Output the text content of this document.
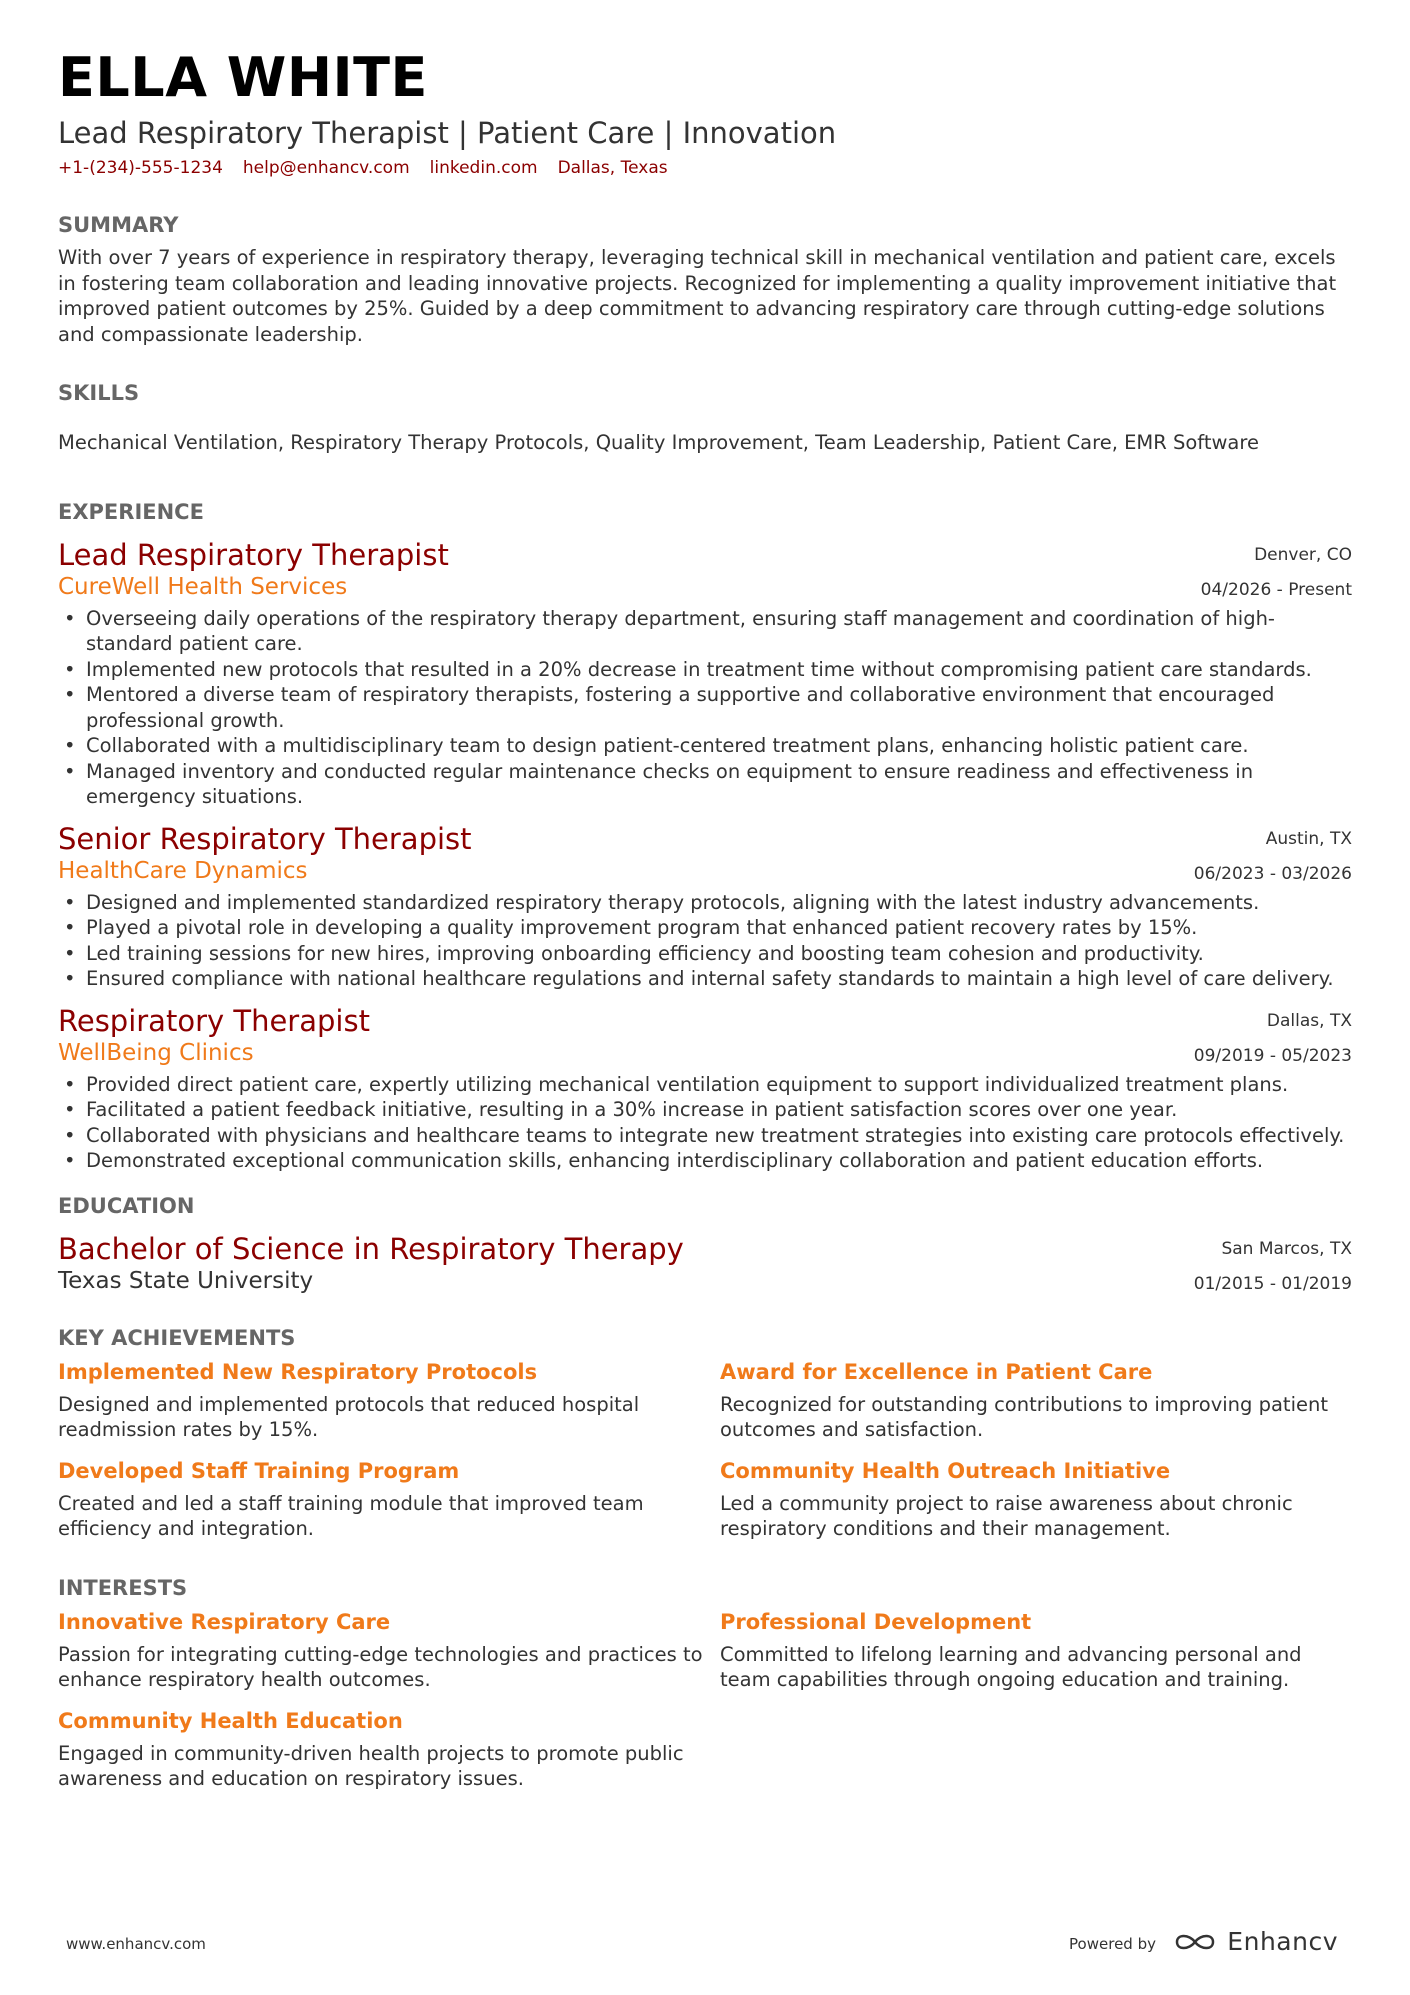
ELLA WHITE
Lead Respiratory Therapist | Patient Care | Innovation
+1-(234)-555-1234 help@enhancv.com linkedin.com Dallas, Texas
SUMMARY
With over 7 years of experience in respiratory therapy, leveraging technical skill in mechanical ventilation and patient care, excels in fostering team collaboration and leading innovative projects. Recognized for implementing a quality improvement initiative that improved patient outcomes by 25%. Guided by a deep commitment to advancing respiratory care through cutting-edge solutions and compassionate leadership.
SKILLS
Mechanical Ventilation, Respiratory Therapy Protocols, Quality Improvement, Team Leadership, Patient Care, EMR Software
EXPERIENCE
Lead Respiratory Therapist
CureWell Health Services
Denver, CO
04/2026 - Present
• Overseeing daily operations of the respiratory therapy department, ensuring staff management and coordination of high-standard patient care.
• Implemented new protocols that resulted in a 20% decrease in treatment time without compromising patient care standards.
• Mentored a diverse team of respiratory therapists, fostering a supportive and collaborative environment that encouraged professional growth.
• Collaborated with a multidisciplinary team to design patient-centered treatment plans, enhancing holistic patient care.
• Managed inventory and conducted regular maintenance checks on equipment to ensure readiness and effectiveness in emergency situations.
Senior Respiratory Therapist
HealthCare Dynamics
Austin, TX
06/2023 - 03/2026
• Designed and implemented standardized respiratory therapy protocols, aligning with the latest industry advancements.
• Played a pivotal role in developing a quality improvement program that enhanced patient recovery rates by 15%.
• Led training sessions for new hires, improving onboarding efficiency and boosting team cohesion and productivity.
• Ensured compliance with national healthcare regulations and internal safety standards to maintain a high level of care delivery.
Respiratory Therapist
WellBeing Clinics
Dallas, TX
09/2019 - 05/2023
• Provided direct patient care, expertly utilizing mechanical ventilation equipment to support individualized treatment plans.
• Facilitated a patient feedback initiative, resulting in a 30% increase in patient satisfaction scores over one year.
• Collaborated with physicians and healthcare teams to integrate new treatment strategies into existing care protocols effectively.
• Demonstrated exceptional communication skills, enhancing interdisciplinary collaboration and patient education efforts.
EDUCATION
Bachelor of Science in Respiratory Therapy
Texas State University
San Marcos, TX
01/2015 - 01/2019
KEY ACHIEVEMENTS
Implemented New Respiratory Protocols
Designed and implemented protocols that reduced hospital readmission rates by 15%.
Award for Excellence in Patient Care
Recognized for outstanding contributions to improving patient outcomes and satisfaction.
Developed Staff Training Program
Created and led a staff training module that improved team efficiency and integration.
Community Health Outreach Initiative
Led a community project to raise awareness about chronic respiratory conditions and their management.
INTERESTS
Innovative Respiratory Care
Passion for integrating cutting-edge technologies and practices to enhance respiratory health outcomes.
Professional Development
Committed to lifelong learning and advancing personal and team capabilities through ongoing education and training.
Community Health Education
Engaged in community-driven health projects to promote public awareness and education on respiratory issues.
www.enhancv.com	Powered by	Enhancv
